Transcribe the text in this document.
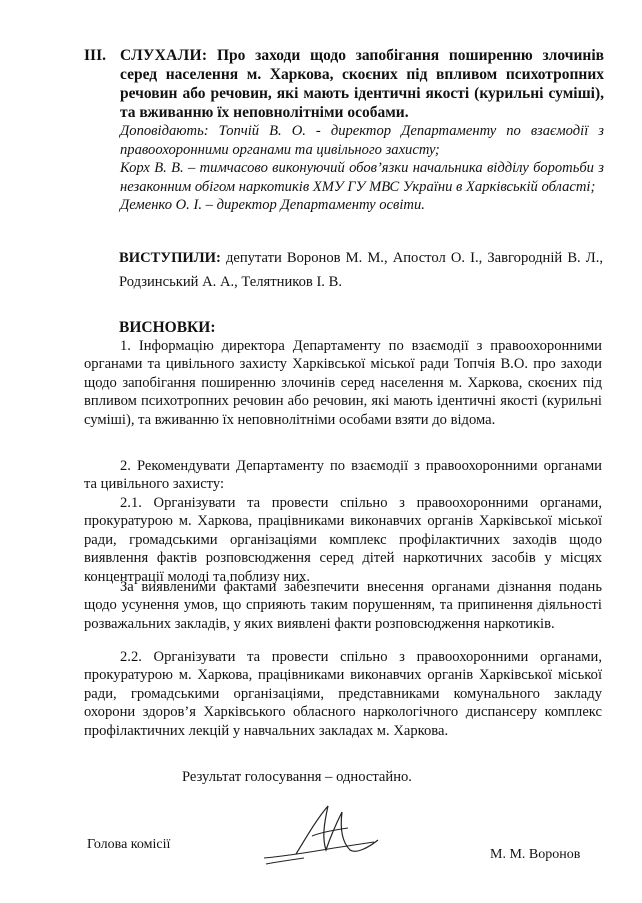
ІІІ. СЛУХАЛИ: Про заходи щодо запобігання поширенню злочинів серед населення м. Харкова, скоєних під впливом психотропних речовин або речовин, які мають ідентичні якості (курильні суміші), та вживанню їх неповнолітніми особами.
Доповідають: Топчій В. О. - директор Департаменту по взаємодії з правоохоронними органами та цивільного захисту;
Корх В. В. – тимчасово виконуючий обов’язки начальника відділу боротьби з незаконним обігом наркотиків ХМУ ГУ МВС України в Харківській області;
Деменко О. І. – директор Департаменту освіти.
ВИСТУПИЛИ: депутати Воронов М. М., Апостол О. І., Завгородній В. Л., Родзинський А. А., Телятников І. В.
ВИСНОВКИ:
1. Інформацію директора Департаменту по взаємодії з правоохоронними органами та цивільного захисту Харківської міської ради Топчія В.О. про заходи щодо запобігання поширенню злочинів серед населення м. Харкова, скоєних під впливом психотропних речовин або речовин, які мають ідентичні якості (курильні суміші), та вживанню їх неповнолітніми особами взяти до відома.
2. Рекомендувати Департаменту по взаємодії з правоохоронними органами та цивільного захисту:
2.1. Організувати та провести спільно з правоохоронними органами, прокуратурою м. Харкова, працівниками виконавчих органів Харківської міської ради, громадськими організаціями комплекс профілактичних заходів щодо виявлення фактів розповсюдження серед дітей наркотичних засобів у місцях концентрації молоді та поблизу них.
За виявленими фактами забезпечити внесення органами дізнання подань щодо усунення умов, що сприяють таким порушенням, та припинення діяльності розважальних закладів, у яких виявлені факти розповсюдження наркотиків.
2.2. Організувати та провести спільно з правоохоронними органами, прокуратурою м. Харкова, працівниками виконавчих органів Харківської міської ради, громадськими організаціями, представниками комунального закладу охорони здоров’я Харківського обласного наркологічного диспансеру комплекс профілактичних лекцій у навчальних закладах м. Харкова.
Результат голосування – одностайно.
Голова комісії
М. М. Воронов
